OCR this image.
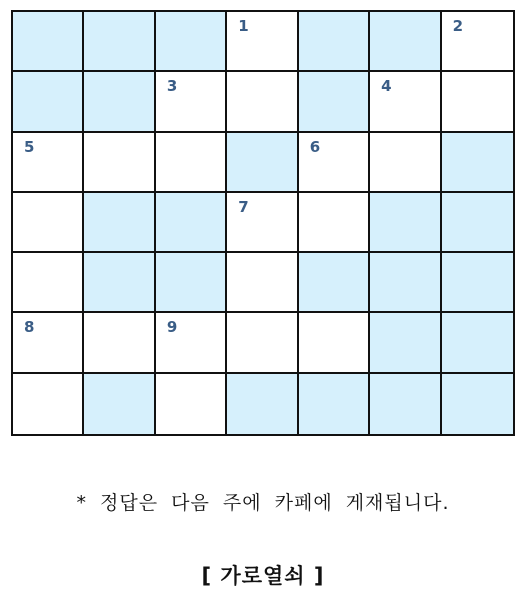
1	2
3	4
5	6
7
8	9
* 정답은 다음 주에 카페에 게재됩니다.
[ 가로열쇠 ]
